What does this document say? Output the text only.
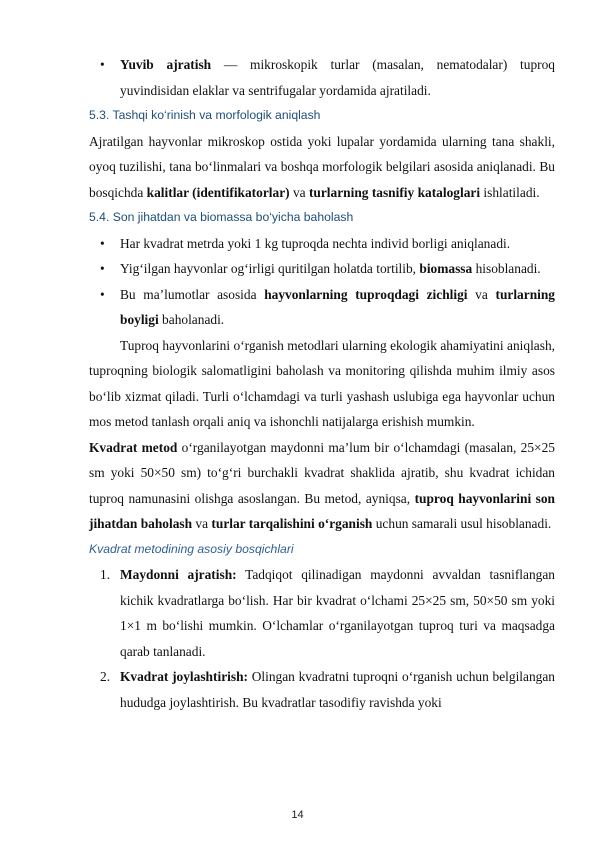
• Yuvib ajratish — mikroskopik turlar (masalan, nematodalar) tuproq yuvindisidan elaklar va sentrifugalar yordamida ajratiladi.

5.3. Tashqi ko‘rinish va morfologik aniqlash

Ajratilgan hayvonlar mikroskop ostida yoki lupalar yordamida ularning tana shakli, oyoq tuzilishi, tana bo‘linmalari va boshqa morfologik belgilari asosida aniqlanadi. Bu bosqichda kalitlar (identifikatorlar) va turlarning tasnifiy kataloglari ishlatiladi.

5.4. Son jihatdan va biomassa bo‘yicha baholash

• Har kvadrat metrda yoki 1 kg tuproqda nechta individ borligi aniqlanadi.

• Yig‘ilgan hayvonlar og‘irligi quritilgan holatda tortilib, biomassa hisoblanadi.

• Bu ma’lumotlar asosida hayvonlarning tuproqdagi zichligi va turlarning boyligi baholanadi.

Tuproq hayvonlarini o‘rganish metodlari ularning ekologik ahamiyatini aniqlash, tuproqning biologik salomatligini baholash va monitoring qilishda muhim ilmiy asos bo‘lib xizmat qiladi. Turli o‘lchamdagi va turli yashash uslubiga ega hayvonlar uchun mos metod tanlash orqali aniq va ishonchli natijalarga erishish mumkin.

Kvadrat metod o‘rganilayotgan maydonni ma’lum bir o‘lchamdagi (masalan, 25×25 sm yoki 50×50 sm) to‘g‘ri burchakli kvadrat shaklida ajratib, shu kvadrat ichidan tuproq namunasini olishga asoslangan. Bu metod, ayniqsa, tuproq hayvonlarini son jihatdan baholash va turlar tarqalishini o‘rganish uchun samarali usul hisoblanadi.

Kvadrat metodining asosiy bosqichlari

1. Maydonni ajratish: Tadqiqot qilinadigan maydonni avvaldan tasniflangan kichik kvadratlarga bo‘lish. Har bir kvadrat o‘lchami 25×25 sm, 50×50 sm yoki 1×1 m bo‘lishi mumkin. O‘lchamlar o‘rganilayotgan tuproq turi va maqsadga qarab tanlanadi.

2. Kvadrat joylashtirish: Olingan kvadratni tuproqni o‘rganish uchun belgilangan hududga joylashtirish. Bu kvadratlar tasodifiy ravishda yoki

14
